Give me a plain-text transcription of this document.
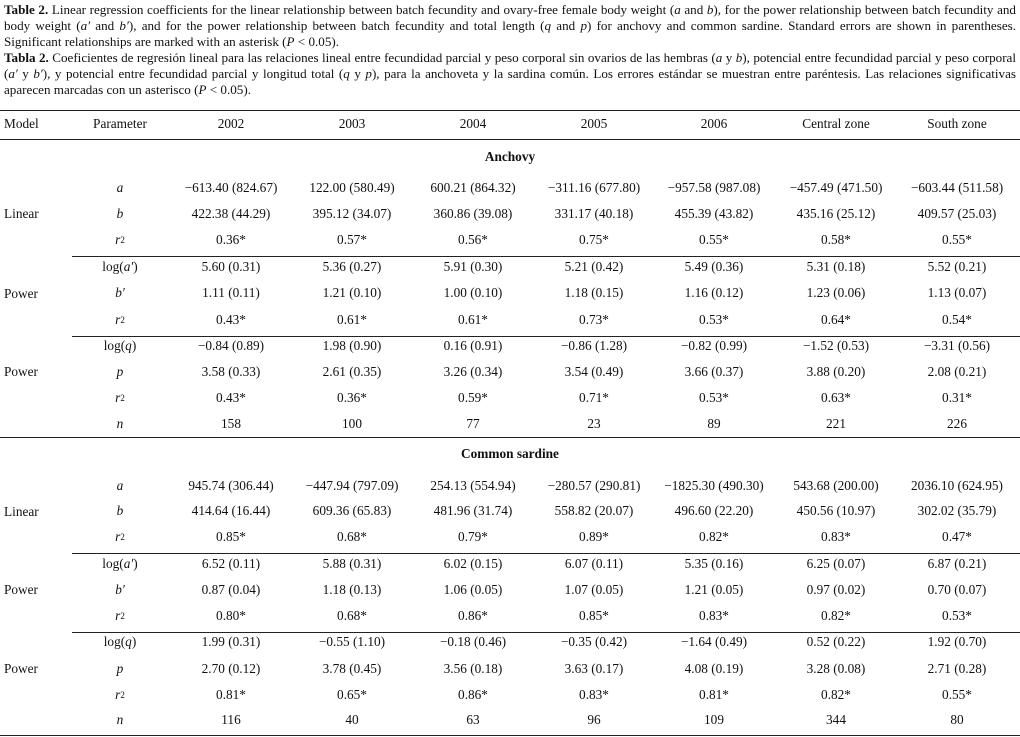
Table 2. Linear regression coefficients for the linear relationship between batch fecundity and ovary-free female body weight (a and b), for the power relationship between batch fecundity and body weight (a′ and b′), and for the power relationship between batch fecundity and total length (q and p) for anchovy and common sardine. Standard errors are shown in parentheses. Significant relationships are marked with an asterisk (P < 0.05).

Tabla 2. Coeficientes de regresión lineal para las relaciones lineal entre fecundidad parcial y peso corporal sin ovarios de las hembras (a y b), potencial entre fecundidad parcial y peso corporal (a′ y b′), y potencial entre fecundidad parcial y longitud total (q y p), para la anchoveta y la sardina común. Los errores estándar se muestran entre paréntesis. Las relaciones significativas aparecen marcadas con un asterisco (P < 0.05).

Model	Parameter	2002	2003	2004	2005	2006	Central zone	South zone
Anchovy
Linear
a	−613.40 (824.67) 122.00 (580.49)	600.21 (864.32) −311.16 (677.80) −957.58 (987.08) −457.49 (471.50) −603.44 (511.58)
b	422.38 (44.29)	395.12 (34.07)	360.86 (39.08)	331.17 (40.18)	455.39 (43.82)	435.16 (25.12)	409.57 (25.03)
r 2	0.36*	0.57*	0.56*	0.75*	0.55*	0.58*	0.55*
Power
log( a′ )	5.60 (0.31)	5.36 (0.27)	5.91 (0.30)	5.21 (0.42)	5.49 (0.36)	5.31 (0.18)	5.52 (0.21)
b′	1.11 (0.11)	1.21 (0.10)	1.00 (0.10)	1.18 (0.15)	1.16 (0.12)	1.23 (0.06)	1.13 (0.07)
r 2	0.43*	0.61*	0.61*	0.73*	0.53*	0.64*	0.54*
Power
log( q )	−0.84 (0.89)	1.98 (0.90)	0.16 (0.91)	−0.86 (1.28)	−0.82 (0.99)	−1.52 (0.53)	−3.31 (0.56)
p	3.58 (0.33)	2.61 (0.35)	3.26 (0.34)	3.54 (0.49)	3.66 (0.37)	3.88 (0.20)	2.08 (0.21)
r 2	0.43*	0.36*	0.59*	0.71*	0.53*	0.63*	0.31*
n	158	100	77	23	89	221	226
Common sardine
Linear
a	945.74 (306.44) −447.94 (797.09) 254.13 (554.94) −280.57 (290.81) −1825.30 (490.30) 543.68 (200.00) 2036.10 (624.95)
b	414.64 (16.44)	609.36 (65.83)	481.96 (31.74)	558.82 (20.07)	496.60 (22.20)	450.56 (10.97)	302.02 (35.79)
r 2	0.85*	0.68*	0.79*	0.89*	0.82*	0.83*	0.47*
Power
log( a′ )	6.52 (0.11)	5.88 (0.31)	6.02 (0.15)	6.07 (0.11)	5.35 (0.16)	6.25 (0.07)	6.87 (0.21)
b′	0.87 (0.04)	1.18 (0.13)	1.06 (0.05)	1.07 (0.05)	1.21 (0.05)	0.97 (0.02)	0.70 (0.07)
r 2	0.80*	0.68*	0.86*	0.85*	0.83*	0.82*	0.53*
Power
log( q )	1.99 (0.31)	−0.55 (1.10)	−0.18 (0.46)	−0.35 (0.42)	−1.64 (0.49)	0.52 (0.22)	1.92 (0.70)
p	2.70 (0.12)	3.78 (0.45)	3.56 (0.18)	3.63 (0.17)	4.08 (0.19)	3.28 (0.08)	2.71 (0.28)
r 2	0.81*	0.65*	0.86*	0.83*	0.81*	0.82*	0.55*
n	116	40	63	96	109	344	80
